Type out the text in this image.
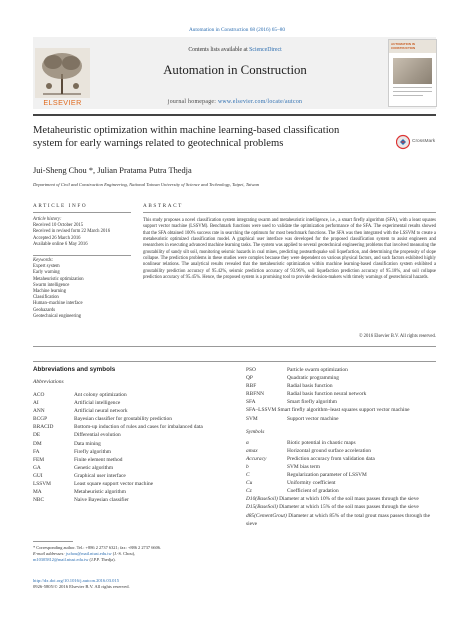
Automation in Construction 68 (2016) 65–80
ELSEVIER
Contents lists available at ScienceDirect
Automation in Construction
journal homepage: www.elsevier.com/locate/autcon
AUTOMATION IN CONSTRUCTION
Metaheuristic optimization within machine learning-based classification
system for early warnings related to geotechnical problems	CrossMark
Jui-Sheng Chou *, Julian Pratama Putra Thedja
Department of Civil and Construction Engineering, National Taiwan University of Science and Technology, Taipei, Taiwan
ARTICLE INFO
Article history:
Received 10 October 2015
Received in revised form 22 March 2016
Accepted 26 March 2016
Available online 6 May 2016
Keywords:
Expert system
Early warning
Metaheuristic optimization
Swarm intelligence
Machine learning
Classification
Human–machine interface
Geohazards
Geotechnical engineering
ABSTRACT
This study proposes a novel classification system integrating swarm and metaheuristic intelligence, i.e., a smart firefly algorithm (SFA), with a least squares support vector machine (LSSVM). Benchmark functions were used to validate the optimization performance of the SFA. The experimental results showed that the SFA obtained 100% success rate in searching the optimum for most benchmark functions. The SFA was then integrated with the LSSVM to create a metaheuristic optimized classification model. A graphical user interface was developed for the proposed classification system to assist engineers and researchers in executing advanced machine learning tasks. The system was applied to several geotechnical engineering problems that involved measuring the groutability of sandy silt soil, monitoring seismic hazards in coal mines, predicting postearthquake soil liquefaction, and determining the propensity of slope collapse. The prediction problems in these studies were complex because they were dependent on various physical factors, and such factors exhibited highly nonlinear relations. The analytical results revealed that the metaheuristic optimization within machine learning-based classification system exhibited a groutability prediction accuracy of 95.42%, seismic prediction accuracy of 93.96%, soil liquefaction prediction accuracy of 95.18%, and soil collapse prediction accuracy of 95.45%. Hence, the proposed system is a promising tool to provide decision-makers with timely warnings of geotechnical hazards.
© 2016 Elsevier B.V. All rights reserved.
Abbreviations and symbols
Abbreviations
ACO	Ant colony optimization
AI	Artificial intelligence
ANN	Artificial neural network
BCGP	Bayesian classifier for groutability prediction
BRACID	Bottom-up induction of rules and cases for imbalanced data
DE	Differential evolution
DM	Data mining
FA	Firefly algorithm
FEM	Finite element method
GA	Genetic algorithm
GUI	Graphical user interface
LSSVM	Least square support vector machine
MA	Metaheuristic algorithm
NBC	Naive Bayesian classifier
PSO	Particle swarm optimization
QP	Quadratic programming
RBF	Radial basis function
RBFNN	Radial basis function neural network
SFA	Smart firefly algorithm
SFA–LSSVM Smart firefly algorithm–least squares support vector machine
SVM	Support vector machine
Symbols
α	Biotic potential in chaotic maps
amax	Horizontal ground surface acceleration
Accuracy	Prediction accuracy from validation data
b	SVM bias term
C	Regularization parameter of LSSVM
Cu	Uniformity coefficient
Cz	Coefficient of gradation
D10(BaseSoil) Diameter at which 10% of the soil mass passes through the sieve
D15(BaseSoil) Diameter at which 15% of the soil mass passes through the sieve
d85(CementGrout) Diameter at which 85% of the total grout mass passes through the sieve
* Corresponding author. Tel.: +886 2 2737 6321; fax: +886 2 2737 6606.
E-mail addresses: jschou@mail.ntust.edu.tw (J.-S. Chou),
m10305812@mail.ntust.edu.tw (J.P.P. Thedja).
http://dx.doi.org/10.1016/j.autcon.2016.03.015
0926-5805/© 2016 Elsevier B.V. All rights reserved.
